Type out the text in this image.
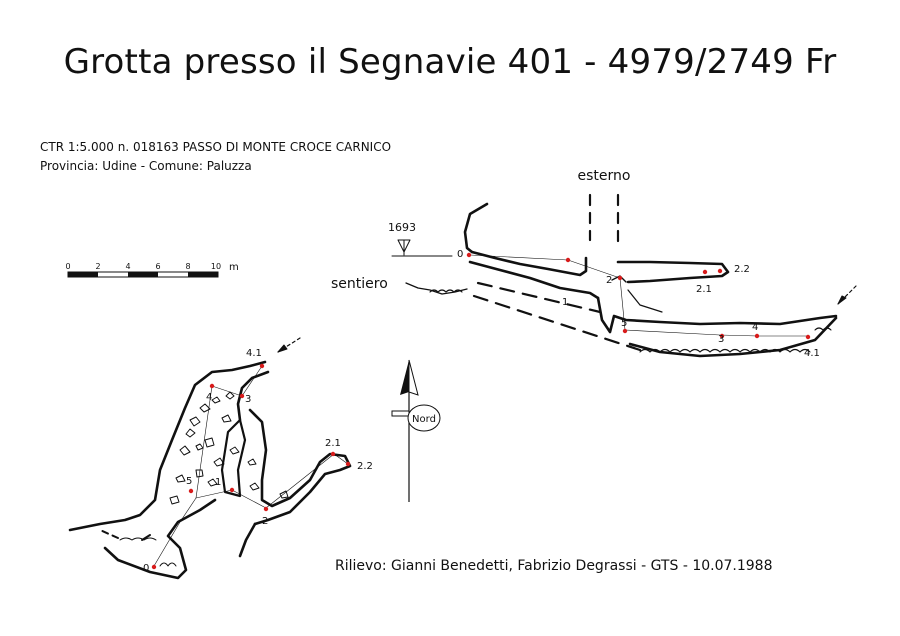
Grotta presso il Segnavie 401 - 4979/2749 Fr
CTR 1:5.000 n. 018163 PASSO DI MONTE CROCE CARNICO
Provincia: Udine - Comune: Paluzza
Rilievo: Gianni Benedetti, Fabrizio Degrassi - GTS - 10.07.1988
0	2	4	6	8	10 m
Nord
esterno
sentiero
1693
0
1
2
2.1
2.2
5
3
4
4.1
0
1
2
2.1
2.2
3
4
4.1
5
